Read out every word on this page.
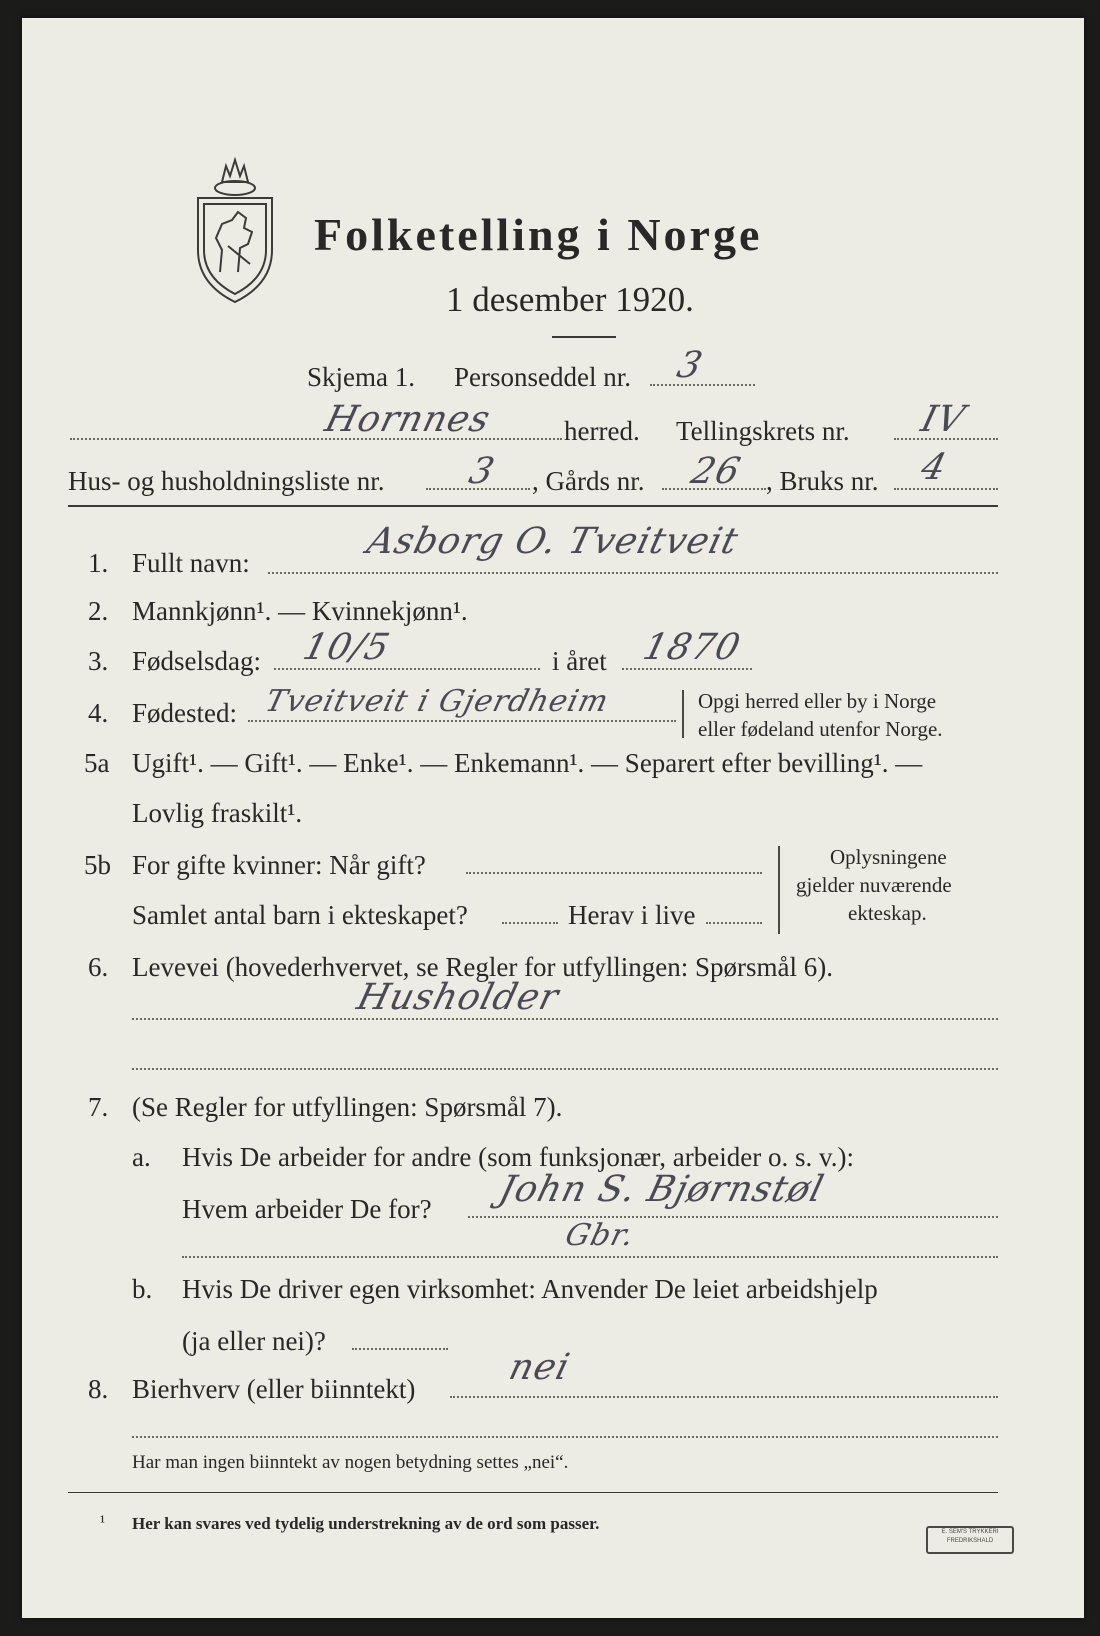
Folketelling i Norge
1 desember 1920.
Skjema 1. Personseddel nr. 3
Hornnes	herred. Tellingskrets nr. IV
Hus- og husholdningsliste nr. 3 , Gårds nr. 26 , Bruks nr. 4
1. Fullt navn:
Asborg O. Tveitveit
2. Mannkjønn¹. — Kvinnekjønn¹.
3. Fødselsdag: 10/5	i året 1870
4. Fødested: Tveitveit i Gjerdheim	Opgi herred eller by i Norge
eller fødeland utenfor Norge.
5a Ugift¹. — Gift¹. — Enke¹. — Enkemann¹. — Separert efter bevilling¹. —
Lovlig fraskilt¹.
5b For gifte kvinner: Når gift?
Samlet antal barn i ekteskapet?	Herav i live
Oplysningene
gjelder nuværende
ekteskap.
6. Levevei (hovederhvervet, se Regler for utfyllingen: Spørsmål 6).
Husholder
7. (Se Regler for utfyllingen: Spørsmål 7).
a. Hvis De arbeider for andre (som funksjonær, arbeider o. s. v.):
Hvem arbeider De for? John S. Bjørnstøl
Gbr.
b. Hvis De driver egen virksomhet: Anvender De leiet arbeidshjelp
(ja eller nei)?
8. Bierhverv (eller biinntekt)
nei
Har man ingen biinntekt av nogen betydning settes „nei“.
¹ Her kan svares ved tydelig understrekning av de ord som passer.	E. SEM'S TRYKKERI FREDRIKSHALD
